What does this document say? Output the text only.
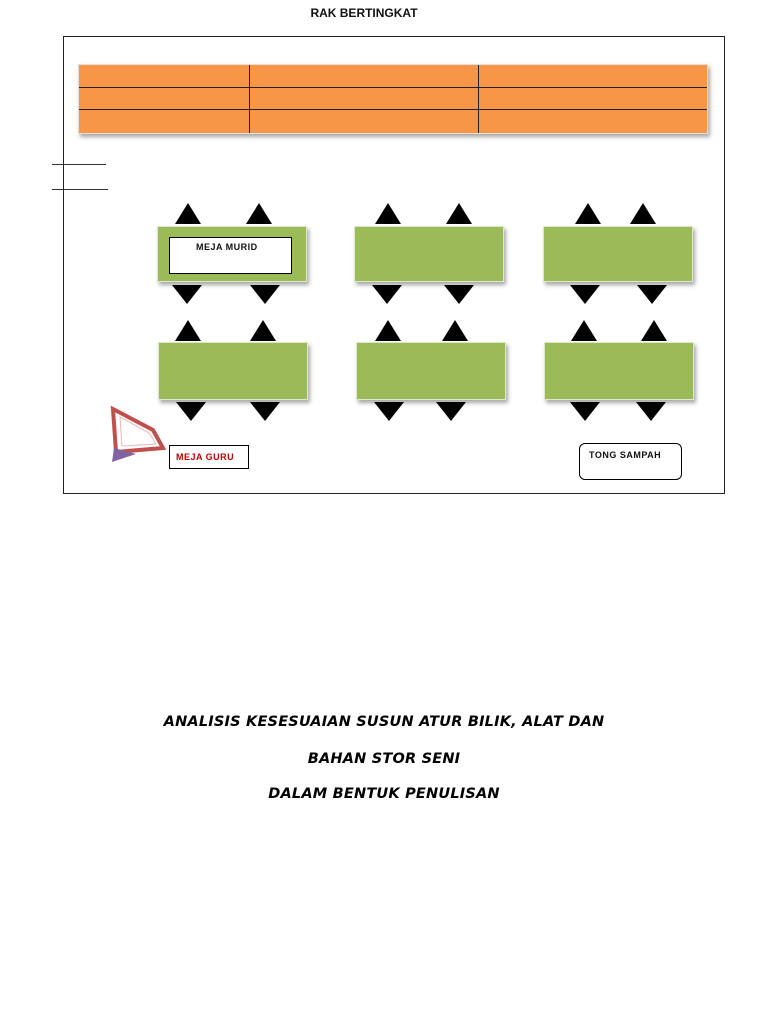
RAK BERTINGKAT
MEJA MURID
MEJA GURU	TONG SAMPAH
ANALISIS KESESUAIAN SUSUN ATUR BILIK, ALAT DAN
BAHAN STOR SENI
DALAM BENTUK PENULISAN
